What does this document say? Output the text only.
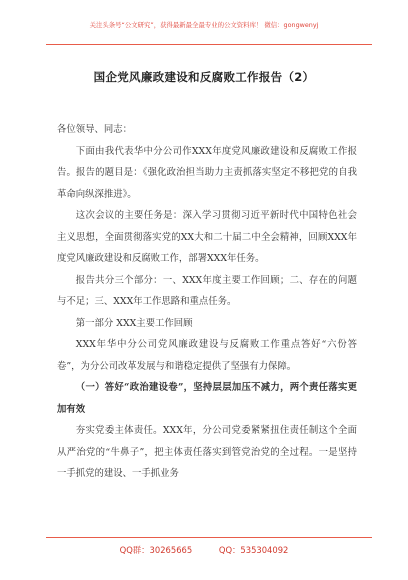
关注头条号“公文研究”，获得最新最全最专业的公文资料库！ 微信：gongwenyj
国企党风廉政建设和反腐败工作报告（2）

各位领导、同志：

下面由我代表华中分公司作XXX年度党风廉政建设和反腐败工作报告。报告的题目是：《强化政治担当助力主责抓落实坚定不移把党的自我革命向纵深推进》。

这次会议的主要任务是：深入学习贯彻习近平新时代中国特色社会主义思想，全面贯彻落实党的XX大和二十届二中全会精神，回顾XXX年度党风廉政建设和反腐败工作，部署XXX年任务。

报告共分三个部分：一、XXX年度主要工作回顾；二、存在的问题与不足；三、XXX年工作思路和重点任务。

第一部分 XXX主要工作回顾

XXX年华中分公司党风廉政建设与反腐败工作重点答好“六份答卷”，为分公司改革发展与和谐稳定提供了坚强有力保障。

（一）答好“政治建设卷”，坚持层层加压不减力，两个责任落实更加有效

夯实党委主体责任。XXX年，分公司党委紧紧扭住责任制这个全面从严治党的“牛鼻子”，把主体责任落实到管党治党的全过程。一是坚持一手抓党的建设、一手抓业务

QQ群：30265665	QQ：535304092
